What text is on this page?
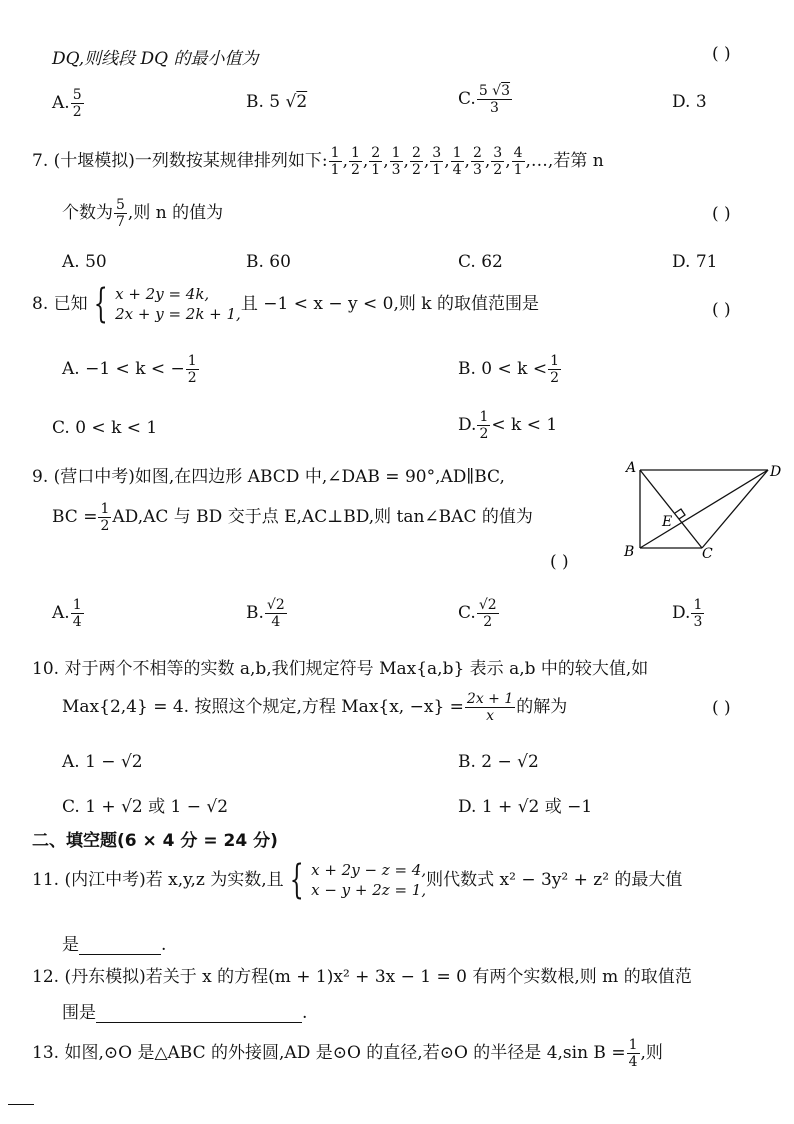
DQ,则线段 DQ 的最小值为	( )
A. $\frac{5}{2}$	B. 5 √2	C. $\frac{5 √3}{3}$	D. 3
7. (十堰模拟)一列数按某规律排列如下: $\frac{1}{1}$ , $\frac{1}{2}$ , $\frac{2}{1}$ , $\frac{1}{3}$ , $\frac{2}{2}$ , $\frac{3}{1}$ , $\frac{1}{4}$ , $\frac{2}{3}$ , $\frac{3}{2}$ , $\frac{4}{1}$ ,…,若第 n
个数为 $\frac{5}{7}$ ,则 n 的值为	( )
A. 50	B. 60	C. 62	D. 71
8. 已知 { x + 2y = 4k,
2x + y = 2k + 1,
且 −1 < x − y < 0,则 k 的取值范围是	( )
A. −1 < k < − $\frac{1}{2}$	B. $0 < k < \frac{1}{2}$
C. 0 < k < 1	D. $\frac{1}{2} < k < 1$
9. (营口中考)如图,在四边形 ABCD 中,∠DAB = 90°,AD∥BC,
BC = $\frac{1}{2} AD,AC$ 与 BD 交于点 E,AC⊥BD,则 tan∠BAC 的值为
( )
A	D
E
B	C
A. $\frac{1}{4}$	B. $\frac{√2}{4}$	C. $\frac{√2}{2}$	D. $\frac{1}{3}$
10. 对于两个不相等的实数 a,b,我们规定符号 Max{a,b} 表示 a,b 中的较大值,如
Max{2,4} = 4. 按照这个规定,方程 Max{x, $-x\} = \frac{2x + 1}{x}$ 的解为	( )
A. 1 − √2	B. 2 − √2
C. 1 + √2 或 1 − √2	D. 1 + √2 或 −1
二、填空题(6 × 4 分 = 24 分)
11. (内江中考)若 x,y,z 为实数,且 { x + 2y − z = 4,
x − y + 2z = 1,
则代数式 x² − 3y² + z² 的最大值
是	.
12. (丹东模拟)若关于 x 的方程(m + 1)x² + 3x − 1 = 0 有两个实数根,则 m 的取值范
围是	.
13. 如图,⊙O 是△ABC 的外接圆,AD 是⊙O 的直径,若⊙O 的半径是 4,sin $B = \frac{1}{4}$ ,则
